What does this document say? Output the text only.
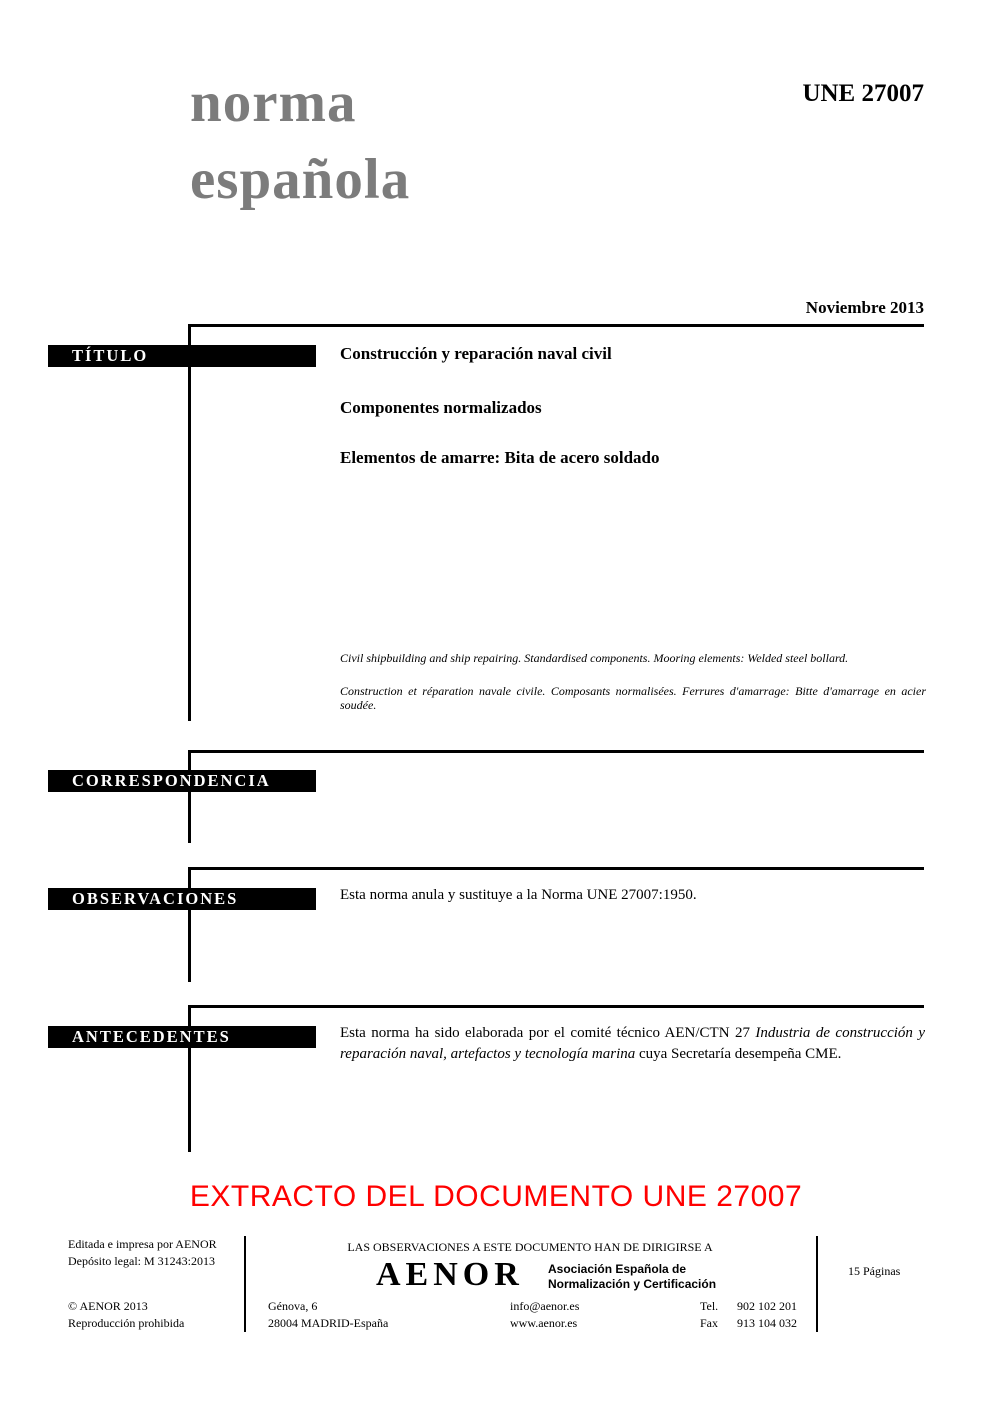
norma
española
UNE 27007
Noviembre 2013
TÍTULO	Construcción y reparación naval civil
Componentes normalizados
Elementos de amarre: Bita de acero soldado
Civil shipbuilding and ship repairing. Standardised components. Mooring elements: Welded steel bollard.
Construction et réparation navale civile. Composants normalisées. Ferrures d'amarrage: Bitte d'amarrage en acier soudée.
CORRESPONDENCIA
OBSERVACIONES	Esta norma anula y sustituye a la Norma UNE 27007:1950.
ANTECEDENTES	Esta norma ha sido elaborada por el comité técnico AEN/CTN 27 Industria de construcción y reparación naval, artefactos y tecnología marina cuya Secretaría desempeña CME.
EXTRACTO DEL DOCUMENTO UNE 27007
Editada e impresa por AENOR
Depósito legal: M 31243:2013
© AENOR 2013
Reproducción prohibida
LAS OBSERVACIONES A ESTE DOCUMENTO HAN DE DIRIGIRSE A
AENOR Asociación Española de
Normalización y Certificación
Génova, 6
28004 MADRID-España
info@aenor.es
www.aenor.es
Tel.	902 102 201
Fax	913 104 032
15 Páginas
